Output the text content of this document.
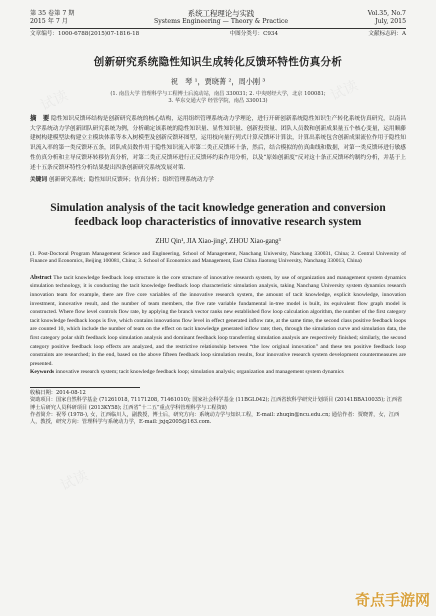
第 35 卷第 7 期
2015 年 7 月
系统工程理论与实践
Systems Engineering — Theory & Practice
Vol.35, No.7
July, 2015
文章编号：1000-6788(2015)07-1816-18	中图分类号：C934	文献标志码：A
创新研究系统隐性知识生成转化反馈环特性仿真分析
祝　琴 ¹，贾晓菁 ²，周小刚 ³
(1. 南昌大学 管理科学与工程博士后流动站，南昌 330031; 2. 中央财经大学，北京 100081;
3. 华东交通大学 经管学院，南昌 330013)
摘　要 隐性知识反馈环结构是创新研究系统的核心结构，运用组织管理系统动力学理论，进行开研创新系统隐性知识生产转化系统仿真研究，以南昌大学系统动力学创新团队研究系统为例，分析确定该系统的隐性知识量、显性知识量、创新投资量、团队人员数和创新成果量五个核心变量，运用顺藤建树构建模型法构建立主模块体系等本入树模型及创新反馈环图型，运用枝向量行列式计算反馈环计算法，计算出系统包含创新成果流位作用于隐性知识流入率的第一类反馈环五条，团队成员数作用于隐性知识流入率第二类正反馈环十条，然后，结合模拟的仿真曲线和数据，对第一类反馈环进行敏感性仿真分析和主导反馈环转移仿真分析，对第二类正反馈环进行正反馈环约束作用分析，以及“原始创新度”反对这十条正反馈环约制约分析，并基于上述十五条反馈环特性分析结果提出四条创新研究系统发展对策．
关键词 创新研究系统；隐性知识反馈环；仿真分析；组织管理系统动力学
Simulation analysis of the tacit knowledge generation and conversion feedback loop characteristics of innovative research system
ZHU Qin¹, JIA Xiao-jing², ZHOU Xiao-gang³
(1. Post-Doctoral Program Management Science and Engineering, School of Management, Nanchang University, Nanchang 330031, China; 2. Central University of Finance and Economics, Beijing 100081, China; 3. School of Economics and Management, East China Jiaotong University, Nanchang 330013, China)
Abstract The tacit knowledge feedback loop structure is the core structure of innovative research system, by use of organization and management system dynamics simulation technology, it is conducting the tacit knowledge feedback loop characteristic simulation analysis, taking Nanchang University system dynamics research innovation team for example, there are five core variables of the innovative research system, the amount of tacit knowledge, explicit knowledge, innovation investment, innovative result, and the number of team members, the five rate variable fundamental in-tree model is built, its equivalent flow graph model is constructed. Where flow level controls flow rate, by applying the branch vector ranks new established flow loop calculation algorithm, the number of the first category tacit knowledge feedback loops is five, which contains innovations flow level in effect generated inflow rate, at the same time, the second class positive feedback loops are counted 10, which include the number of team on the effect on tacit knowledge generated inflow rate; then, through the simulation curve and simulation data, the first category polar shift feedback loop simulation analysis and dominant feedback loop transferring simulation analysis are respectively finished; similarly, the second category positive feedback loop effects are analyzed, and the restrictive relationship between “the low original innovation” and these ten positive feedback loop constraints are researched; in the end, based on the above fifteen feedback loop simulation results, four innovative research system development countermeasures are presented.
Keywords innovative research system; tacit knowledge feedback loop; simulation analysis; organization and management system dynamics
收稿日期：2014-08-12
资助项目：国家自然科学基金 (71261018, 71171208, 71461010); 国家社会科学基金 (11BGL042); 江西省软科学研究计划项目 (20141BBA10035); 江西省博士后研究人员科研项目 (2013KY58); 江西省“十二五”重点学科管理科学与工程资助
作者简介：祝琴 (1978-), 女，江西临川人，副教授，博士后，研究方向：系统动力学与知识工程，E-mail: zhuqin@ncu.edu.cn; 通信作者：贾晓菁，女，江西人，教授，研究方向：管理科学与系统动力学，E-mail: jxjq2005@163.com.
试读	试读
试读
试读
奇点手游网
